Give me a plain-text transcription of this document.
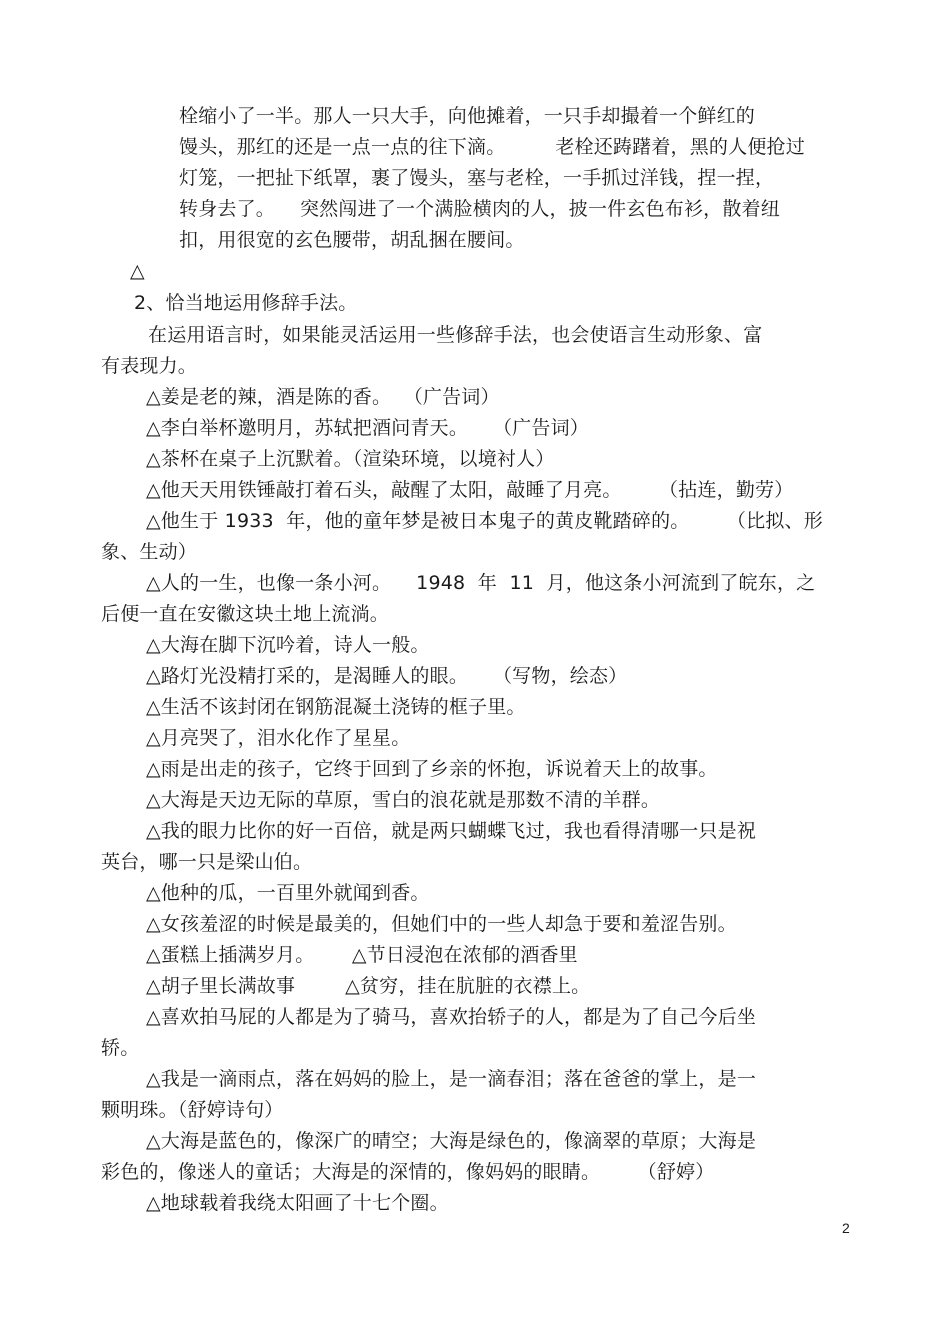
栓缩小了一半。那人一只大手，向他摊着，一只手却撮着一个鲜红的
馒头，那红的还是一点一点的往下滴。        老栓还踌躇着，黑的人便抢过
灯笼，一把扯下纸罩，裹了馒头，塞与老栓，一手抓过洋钱，捏一捏，
转身去了。    突然闯进了一个满脸横肉的人，披一件玄色布衫，散着纽
扣，用很宽的玄色腰带，胡乱捆在腰间。
△
2、恰当地运用修辞手法。
在运用语言时，如果能灵活运用一些修辞手法，也会使语言生动形象、富
有表现力。
△姜是老的辣，酒是陈的香。  （广告词）
△李白举杯邀明月，苏轼把酒问青天。    （广告词）
△茶杯在桌子上沉默着。（渲染环境，以境衬人）
△他天天用铁锤敲打着石头，敲醒了太阳，敲睡了月亮。      （拈连，勤劳）
△他生于 1933  年，他的童年梦是被日本鬼子的黄皮靴踏碎的。      （比拟、形
象、生动）
△人的一生，也像一条小河。    1948  年  11  月，他这条小河流到了皖东，之
后便一直在安徽这块土地上流淌。
△大海在脚下沉吟着，诗人一般。
△路灯光没精打采的，是渴睡人的眼。    （写物，绘态）
△生活不该封闭在钢筋混凝土浇铸的框子里。
△月亮哭了，泪水化作了星星。
△雨是出走的孩子，它终于回到了乡亲的怀抱，诉说着天上的故事。
△大海是天边无际的草原，雪白的浪花就是那数不清的羊群。
△我的眼力比你的好一百倍，就是两只蝴蝶飞过，我也看得清哪一只是祝
英台，哪一只是梁山伯。
△他种的瓜，一百里外就闻到香。
△女孩羞涩的时候是最美的，但她们中的一些人却急于要和羞涩告别。
△蛋糕上插满岁月。      △节日浸泡在浓郁的酒香里
△胡子里长满故事        △贫穷，挂在肮脏的衣襟上。
△喜欢拍马屁的人都是为了骑马，喜欢抬轿子的人，都是为了自己今后坐
轿。
△我是一滴雨点，落在妈妈的脸上，是一滴春泪；落在爸爸的掌上，是一
颗明珠。（舒婷诗句）
△大海是蓝色的，像深广的晴空；大海是绿色的，像滴翠的草原；大海是
彩色的，像迷人的童话；大海是的深情的，像妈妈的眼睛。      （舒婷）
△地球载着我绕太阳画了十七个圈。
2
